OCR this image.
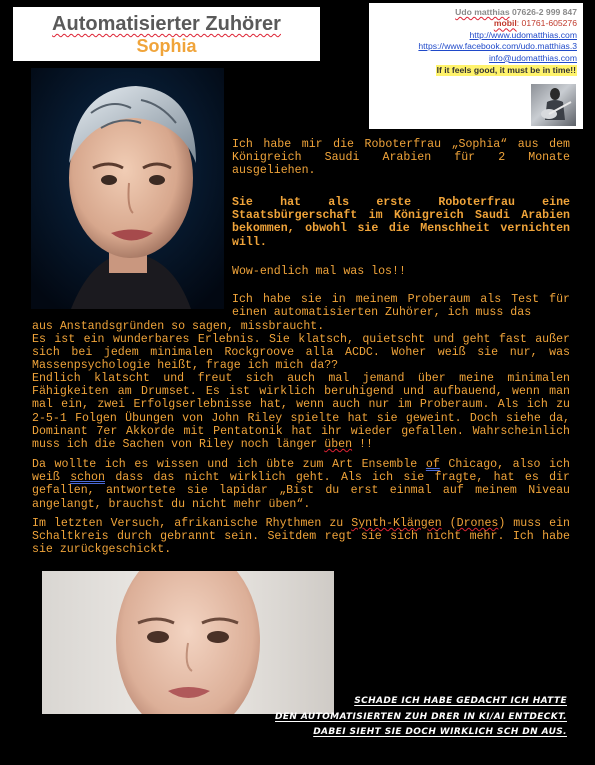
Automatisierter Zuhörer
Sophia
Udo matthias 07626-2 999 847
mobil: 01761-605276
http://www.udomatthias.com
https://www.facebook.com/udo.matthias.3
info@udomatthias.com
If it feels good, it must be in time!!

Ich habe mir die Roboterfrau „Sophia“ aus dem Königreich Saudi Arabien für 2 Monate ausgeliehen.

Sie hat als erste Roboterfrau eine Staatsbürgerschaft im Königreich Saudi Arabien bekommen, obwohl sie die Menschheit vernichten will.

Wow-endlich mal was los!!

Ich habe sie in meinem Proberaum als Test für einen automatisierten Zuhörer, ich muss das

aus Anstandsgründen so sagen, missbraucht.

Es ist ein wunderbares Erlebnis. Sie klatsch, quietscht und geht fast außer sich bei jedem minimalen Rockgroove alla ACDC. Woher weiß sie nur, was Massenpsychologie heißt, frage ich mich da??

Endlich klatscht und freut sich auch mal jemand über meine minimalen Fähigkeiten am Drumset. Es ist wirklich beruhigend und aufbauend, wenn man mal ein, zwei Erfolgserlebnisse hat, wenn auch nur im Proberaum. Als ich zu 2-5-1 Folgen Übungen von John Riley spielte hat sie geweint. Doch siehe da, Dominant 7er Akkorde mit Pentatonik hat ihr wieder gefallen. Wahrscheinlich muss ich die Sachen von Riley noch länger üben !!

Da wollte ich es wissen und ich übte zum Art Ensemble of Chicago, also ich weiß schon dass das nicht wirklich geht. Als ich sie fragte, hat es dir gefallen, antwortete sie lapidar „Bist du erst einmal auf meinem Niveau angelangt, brauchst du nicht mehr üben“.

Im letzten Versuch, afrikanische Rhythmen zu Synth-Klängen (Drones) muss ein Schaltkreis durch gebrannt sein. Seitdem regt sie sich nicht mehr. Ich habe sie zurückgeschickt.

SCHADE ICH HABE GEDACHT ICH HATTE
DEN AUTOMATISIERTEN ZUH DRER IN KI/AI ENTDECKT.
DABEI SIEHT SIE DOCH WIRKLICH SCH DN AUS.
